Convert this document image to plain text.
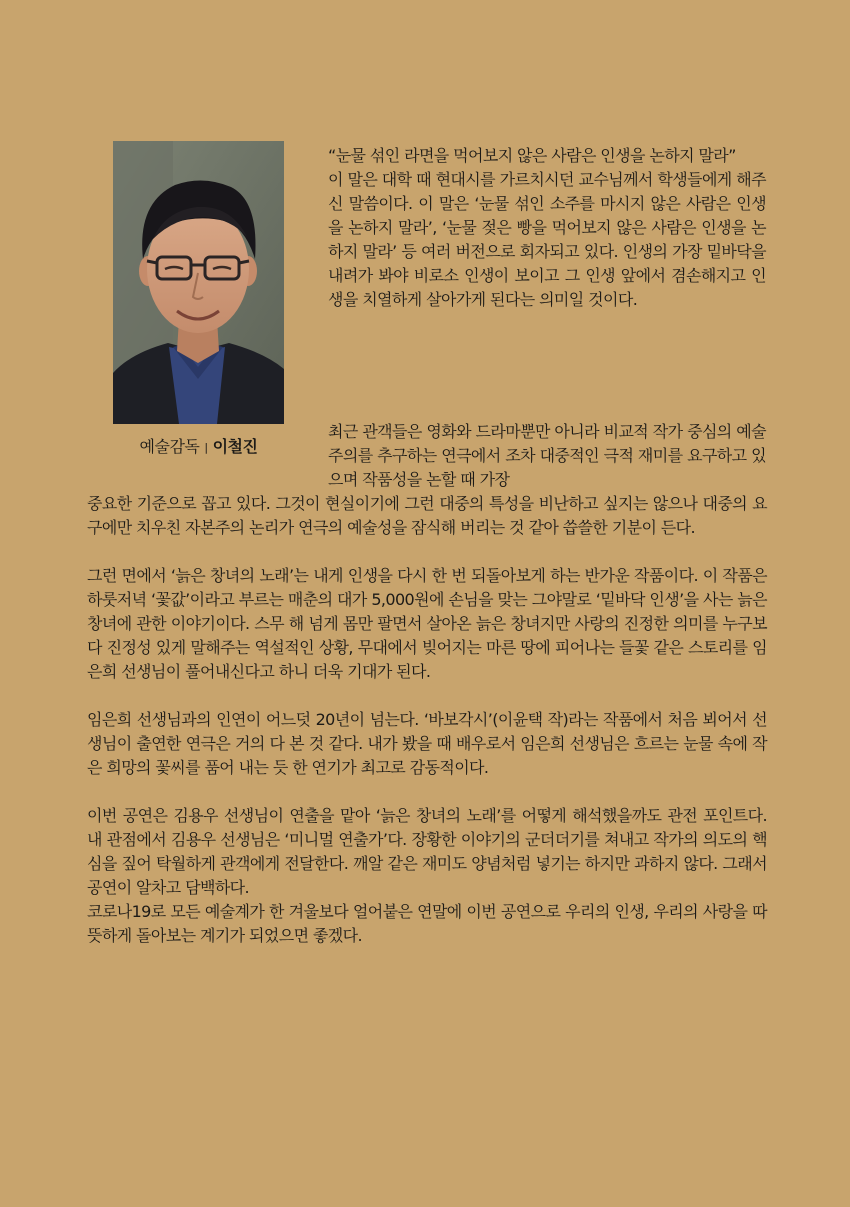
예술감독 | 이철진

“눈물 섞인 라면을 먹어보지 않은 사람은 인생을 논하지 말라”

이 말은 대학 때 현대시를 가르치시던 교수님께서 학생들에게 해주신 말씀이다. 이 말은 ‘눈물 섞인 소주를 마시지 않은 사람은 인생을 논하지 말라’, ‘눈물 젖은 빵을 먹어보지 않은 사람은 인생을 논하지 말라’ 등 여러 버전으로 회자되고 있다. 인생의 가장 밑바닥을 내려가 봐야 비로소 인생이 보이고 그 인생 앞에서 겸손해지고 인생을 치열하게 살아가게 된다는 의미일 것이다.

최근 관객들은 영화와 드라마뿐만 아니라 비교적 작가 중심의 예술주의를 추구하는 연극에서 조차 대중적인 극적 재미를 요구하고 있으며 작품성을 논할 때 가장

중요한 기준으로 꼽고 있다. 그것이 현실이기에 그런 대중의 특성을 비난하고 싶지는 않으나 대중의 요구에만 치우친 자본주의 논리가 연극의 예술성을 잠식해 버리는 것 같아 씁쓸한 기분이 든다.

그런 면에서 ‘늙은 창녀의 노래’는 내게 인생을 다시 한 번 되돌아보게 하는 반가운 작품이다. 이 작품은 하룻저녁 ‘꽃값’이라고 부르는 매춘의 대가 5,000원에 손님을 맞는 그야말로 ‘밑바닥 인생’을 사는 늙은 창녀에 관한 이야기이다. 스무 해 넘게 몸만 팔면서 살아온 늙은 창녀지만 사랑의 진정한 의미를 누구보다 진정성 있게 말해주는 역설적인 상황, 무대에서 빚어지는 마른 땅에 피어나는 들꽃 같은 스토리를 임은희 선생님이 풀어내신다고 하니 더욱 기대가 된다.

임은희 선생님과의 인연이 어느덧 20년이 넘는다. ‘바보각시’(이윤택 작)라는 작품에서 처음 뵈어서 선생님이 출연한 연극은 거의 다 본 것 같다. 내가 봤을 때 배우로서 임은희 선생님은 흐르는 눈물 속에 작은 희망의 꽃씨를 품어 내는 듯 한 연기가 최고로 감동적이다.

이번 공연은 김용우 선생님이 연출을 맡아 ‘늙은 창녀의 노래’를 어떻게 해석했을까도 관전 포인트다. 내 관점에서 김용우 선생님은 ‘미니멀 연출가’다. 장황한 이야기의 군더더기를 쳐내고 작가의 의도의 핵심을 짚어 탁월하게 관객에게 전달한다. 깨알 같은 재미도 양념처럼 넣기는 하지만 과하지 않다. 그래서 공연이 알차고 담백하다.

코로나19로 모든 예술계가 한 겨울보다 얼어붙은 연말에 이번 공연으로 우리의 인생, 우리의 사랑을 따뜻하게 돌아보는 계기가 되었으면 좋겠다.
